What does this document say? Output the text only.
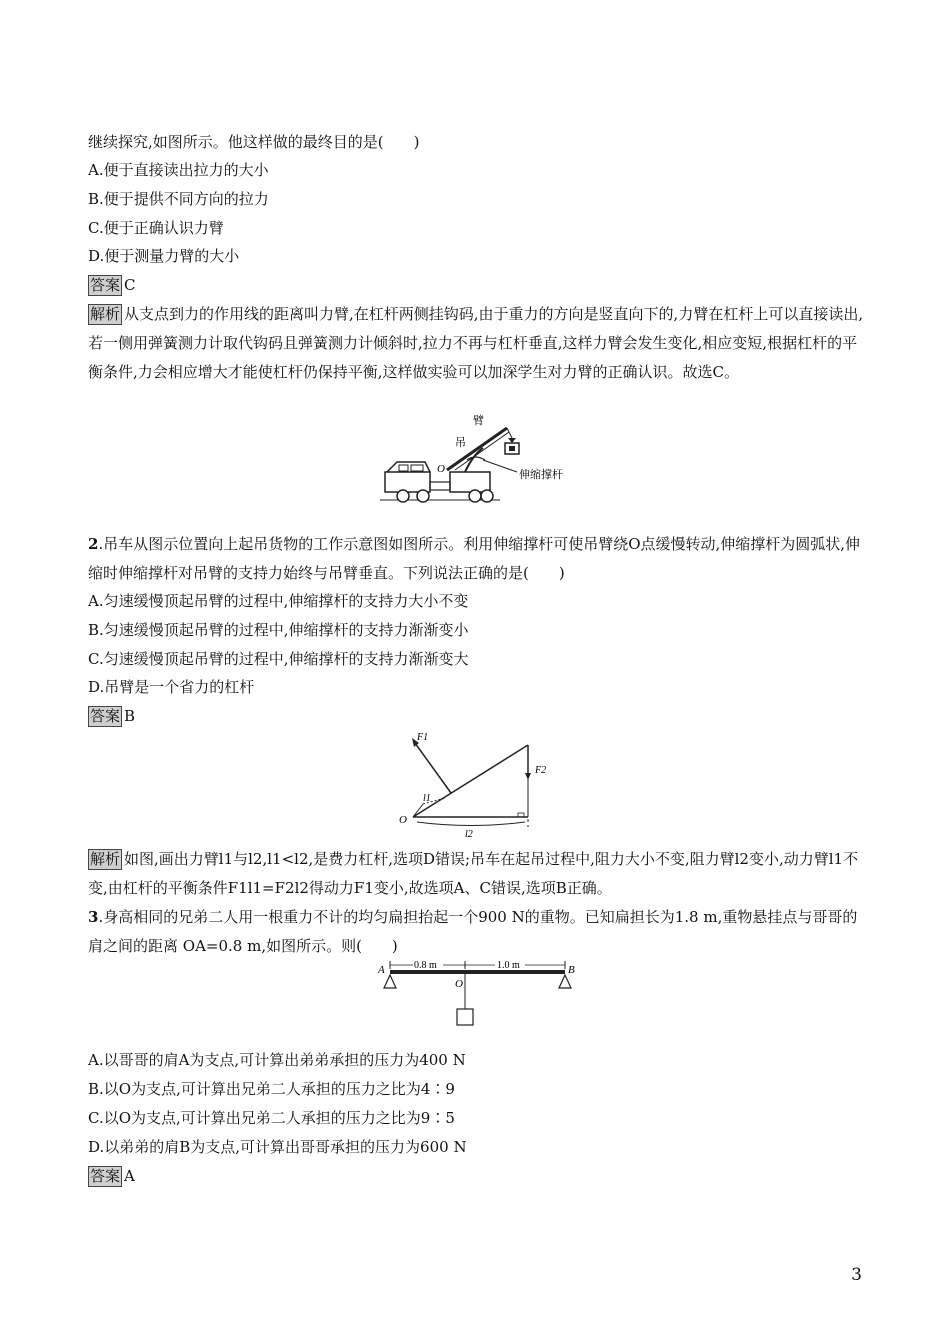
继续探究,如图所示。他这样做的最终目的是(　　)
A.便于直接读出拉力的大小
B.便于提供不同方向的拉力
C.便于正确认识力臂
D.便于测量力臂的大小
答案 C
解析 从支点到力的作用线的距离叫力臂,在杠杆两侧挂钩码,由于重力的方向是竖直向下的,力臂在杠杆上可以直接读出,若一侧用弹簧测力计取代钩码且弹簧测力计倾斜时,拉力不再与杠杆垂直,这样力臂会发生变化,相应变短,根据杠杆的平衡条件,力会相应增大才能使杠杆仍保持平衡,这样做实验可以加深学生对力臂的正确认识。故选C。
臂
吊
O	伸缩撑杆
2.吊车从图示位置向上起吊货物的工作示意图如图所示。利用伸缩撑杆可使吊臂绕O点缓慢转动,伸缩撑杆为圆弧状,伸缩时伸缩撑杆对吊臂的支持力始终与吊臂垂直。下列说法正确的是(　　)
A.匀速缓慢顶起吊臂的过程中,伸缩撑杆的支持力大小不变
B.匀速缓慢顶起吊臂的过程中,伸缩撑杆的支持力渐渐变小
C.匀速缓慢顶起吊臂的过程中,伸缩撑杆的支持力渐渐变大
D.吊臂是一个省力的杠杆
答案 B
F1
F2
l1
l2
O
解析 如图,画出力臂l1与l2,l1<l2,是费力杠杆,选项D错误;吊车在起吊过程中,阻力大小不变,阻力臂l2变小,动力臂l1不变,由杠杆的平衡条件F1l1=F2l2得动力F1变小,故选项A、C错误,选项B正确。
3.身高相同的兄弟二人用一根重力不计的均匀扁担抬起一个900 N的重物。已知扁担长为1.8 m,重物悬挂点与哥哥的肩之间的距离 OA=0.8 m,如图所示。则(　　)
0.8 m	1.0 m
A	B
O
A.以哥哥的肩A为支点,可计算出弟弟承担的压力为400 N
B.以O为支点,可计算出兄弟二人承担的压力之比为4∶9
C.以O为支点,可计算出兄弟二人承担的压力之比为9∶5
D.以弟弟的肩B为支点,可计算出哥哥承担的压力为600 N
答案 A
3
